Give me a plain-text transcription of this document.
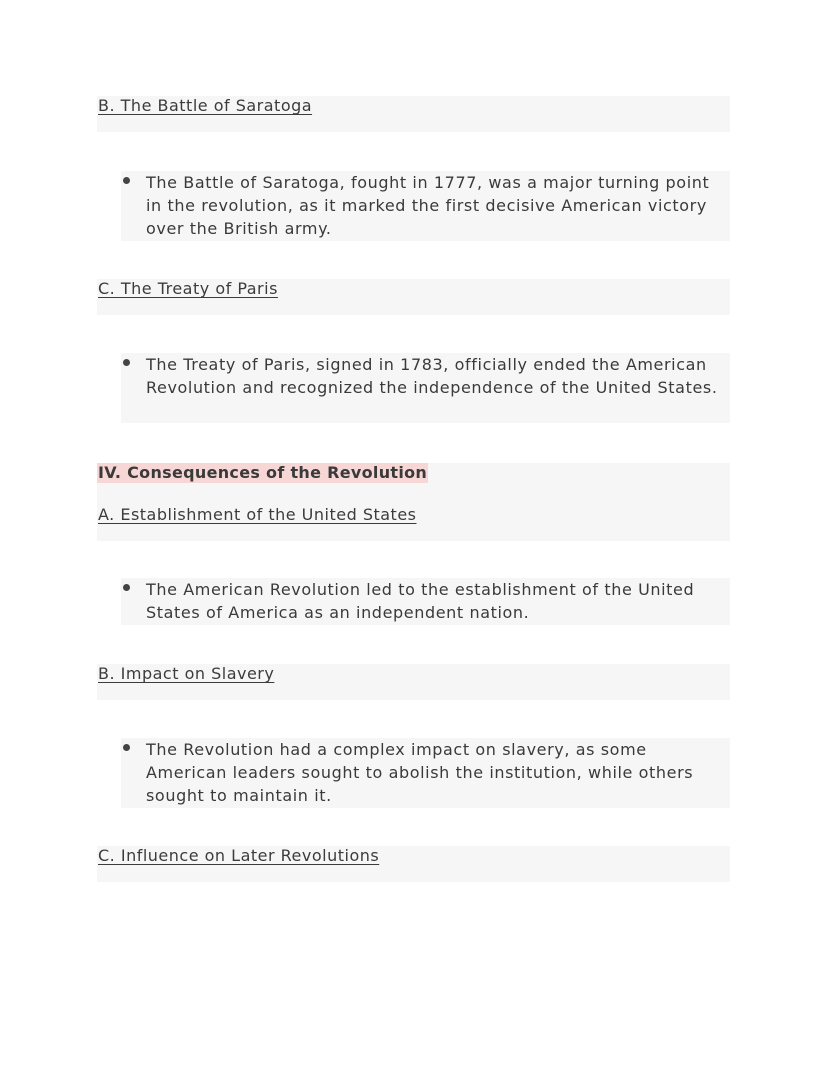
B. The Battle of Saratoga
The Battle of Saratoga, fought in 1777, was a major turning point in the revolution, as it marked the first decisive American victory over the British army.
C. The Treaty of Paris
The Treaty of Paris, signed in 1783, officially ended the American Revolution and recognized the independence of the United States.
IV. Consequences of the Revolution
A. Establishment of the United States
The American Revolution led to the establishment of the United States of America as an independent nation.
B. Impact on Slavery
The Revolution had a complex impact on slavery, as some American leaders sought to abolish the institution, while others sought to maintain it.
C. Influence on Later Revolutions
